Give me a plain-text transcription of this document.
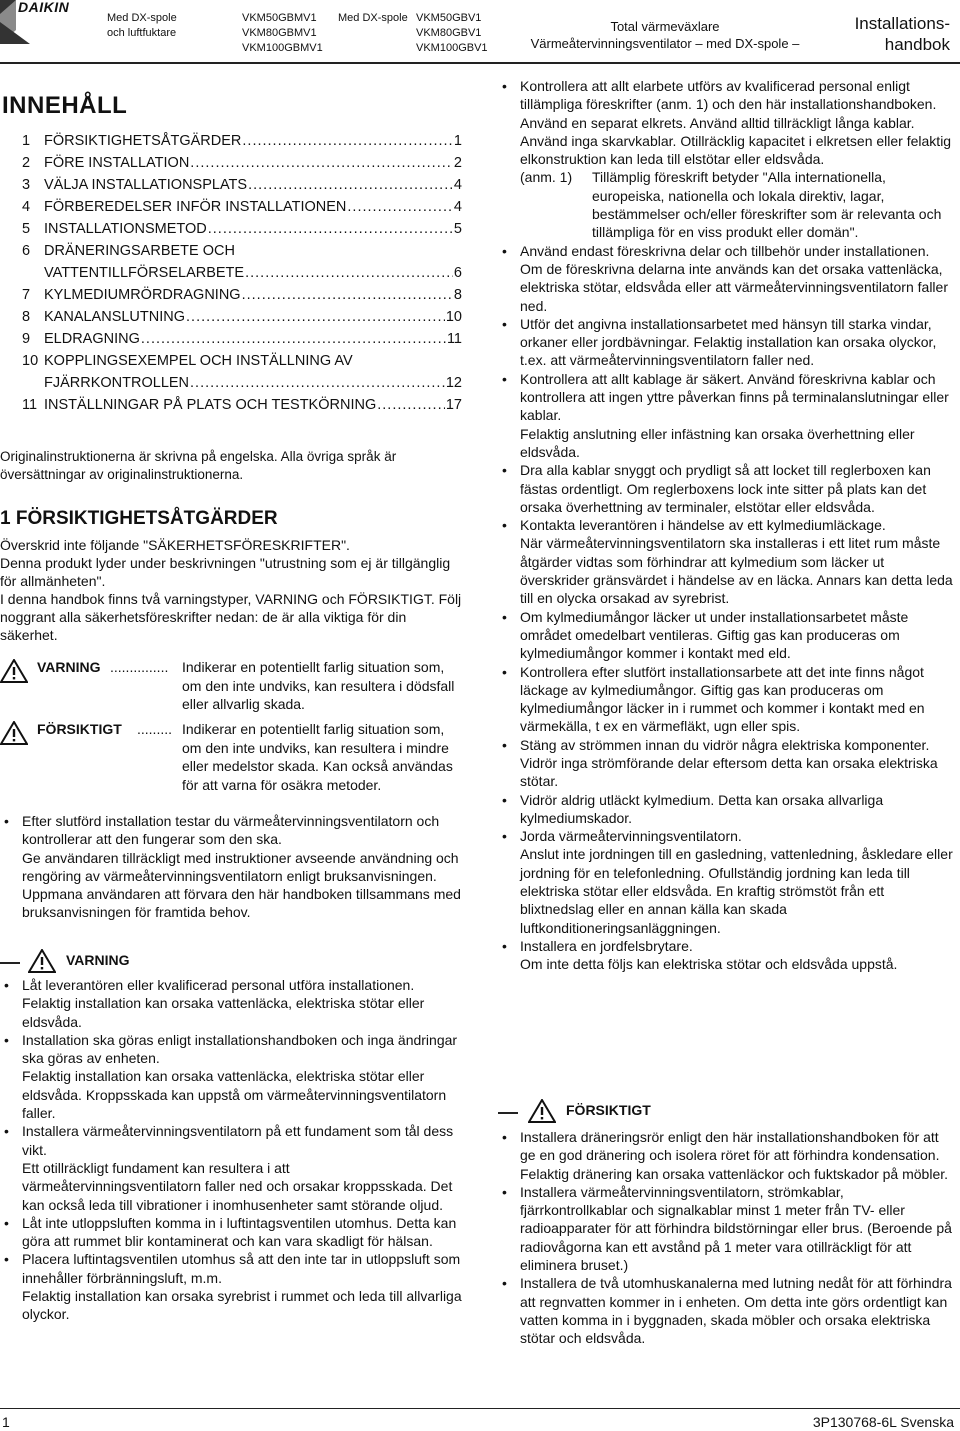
DAIKIN
Med DX-spole
och luftfuktare
VKM50GBMV1
VKM80GBMV1
VKM100GBMV1
Med DX-spole VKM50GBV1
VKM80GBV1
VKM100GBV1
Total värmeväxlare
Värmeåtervinningsventilator – med DX-spole –
Installations-
handbok
INNEHÅLL
1 FÖRSIKTIGHETSÅTGÄRDER .....	1
2 FÖRE INSTALLATION .....	2
3 VÄLJA INSTALLATIONSPLATS .....	4
4 FÖRBEREDELSER INFÖR INSTALLATIONEN .....	4
5 INSTALLATIONSMETOD .....	5
6 DRÄNERINGSARBETE OCH
VATTENTILLFÖRSELARBETE .....	6
7 KYLMEDIUMRÖRDRAGNING .....	8
8 KANALANSLUTNING .....	10
9 ELDRAGNING .....	11
10 KOPPLINGSEXEMPEL OCH INSTÄLLNING AV
FJÄRRKONTROLLEN .....	12
11 INSTÄLLNINGAR PÅ PLATS OCH TESTKÖRNING .....	17
Originalinstruktionerna är skrivna på engelska. Alla övriga språk är översättningar av originalinstruktionerna.
1 FÖRSIKTIGHETSÅTGÄRDER
Överskrid inte följande "SÄKERHETSFÖRESKRIFTER".
Denna produkt lyder under beskrivningen "utrustning som ej är tillgänglig för allmänheten".
I denna handbok finns två varningstyper, VARNING och FÖRSIKTIGT. Följ noggrant alla säkerhetsföreskrifter nedan: de är alla viktiga för din säkerhet.
VARNING ............... Indikerar en potentiellt farlig situation som, om den inte undviks, kan resultera i dödsfall eller allvarlig skada.
FÖRSIKTIGT ......... Indikerar en potentiellt farlig situation som, om den inte undviks, kan resultera i mindre eller medelstor skada. Kan också användas för att varna för osäkra metoder.
• Efter slutförd installation testar du värmeåtervinningsventilatorn och kontrollerar att den fungerar som den ska.
Ge användaren tillräckligt med instruktioner avseende användning och rengöring av värmeåtervinningsventilatorn enligt bruksanvisningen. Uppmana användaren att förvara den här handboken tillsammans med bruksanvisningen för framtida behov.
VARNING
• Låt leverantören eller kvalificerad personal utföra installationen. Felaktig installation kan orsaka vattenläcka, elektriska stötar eller eldsvåda.
• Installation ska göras enligt installationshandboken och inga ändringar ska göras av enheten.
Felaktig installation kan orsaka vattenläcka, elektriska stötar eller eldsvåda. Kroppsskada kan uppstå om värmeåtervinningsventilatorn faller.
• Installera värmeåtervinningsventilatorn på ett fundament som tål dess vikt.
Ett otillräckligt fundament kan resultera i att värmeåtervinningsventilatorn faller ned och orsakar kroppsskada. Det kan också leda till vibrationer i inomhusenheter samt störande oljud.
• Låt inte utloppsluften komma in i luftintagsventilen utomhus. Detta kan göra att rummet blir kontaminerat och kan vara skadligt för hälsan.
• Placera luftintagsventilen utomhus så att den inte tar in utloppsluft som innehåller förbränningsluft, m.m.
Felaktig installation kan orsaka syrebrist i rummet och leda till allvarliga olyckor.
• Kontrollera att allt elarbete utförs av kvalificerad personal enligt tillämpliga föreskrifter (anm. 1) och den här installationshandboken. Använd en separat elkrets. Använd alltid tillräckligt långa kablar. Använd inga skarvkablar. Otillräcklig kapacitet i elkretsen eller felaktig elkonstruktion kan leda till elstötar eller eldsvåda.
(anm. 1) Tillämplig föreskrift betyder "Alla internationella, europeiska, nationella och lokala direktiv, lagar, bestämmelser och/eller föreskrifter som är relevanta och tillämpliga för en viss produkt eller domän".
• Använd endast föreskrivna delar och tillbehör under installationen. Om de föreskrivna delarna inte används kan det orsaka vattenläcka, elektriska stötar, eldsvåda eller att värmeåtervinningsventilatorn faller ned.
• Utför det angivna installationsarbetet med hänsyn till starka vindar, orkaner eller jordbävningar. Felaktig installation kan orsaka olyckor, t.ex. att värmeåtervinningsventilatorn faller ned.
• Kontrollera att allt kablage är säkert. Använd föreskrivna kablar och kontrollera att ingen yttre påverkan finns på terminalanslutningar eller kablar.
Felaktig anslutning eller infästning kan orsaka överhettning eller eldsvåda.
• Dra alla kablar snyggt och prydligt så att locket till reglerboxen kan fästas ordentligt. Om reglerboxens lock inte sitter på plats kan det orsaka överhettning av terminaler, elstötar eller eldsvåda.
• Kontakta leverantören i händelse av ett kylmediumläckage.
När värmeåtervinningsventilatorn ska installeras i ett litet rum måste åtgärder vidtas som förhindrar att kylmedium som läcker ut överskrider gränsvärdet i händelse av en läcka. Annars kan detta leda till en olycka orsakad av syrebrist.
• Om kylmediumångor läcker ut under installationsarbetet måste området omedelbart ventileras. Giftig gas kan produceras om kylmediumångor kommer i kontakt med eld.
• Kontrollera efter slutfört installationsarbete att det inte finns något läckage av kylmediumångor. Giftig gas kan produceras om kylmediumångor läcker in i rummet och kommer i kontakt med en värmekälla, t ex en värmefläkt, ugn eller spis.
• Stäng av strömmen innan du vidrör några elektriska komponenter. Vidrör inga strömförande delar eftersom detta kan orsaka elektriska stötar.
• Vidrör aldrig utläckt kylmedium. Detta kan orsaka allvarliga kylmediumskador.
• Jorda värmeåtervinningsventilatorn.
Anslut inte jordningen till en gasledning, vattenledning, åskledare eller jordning för en telefonledning. Ofullständig jordning kan leda till elektriska stötar eller eldsvåda. En kraftig strömstöt från ett blixtnedslag eller en annan källa kan skada luftkonditioneringsanläggningen.
• Installera en jordfelsbrytare.
Om inte detta följs kan elektriska stötar och eldsvåda uppstå.
FÖRSIKTIGT
• Installera dräneringsrör enligt den här installationshandboken för att ge en god dränering och isolera röret för att förhindra kondensation. Felaktig dränering kan orsaka vattenläckor och fuktskador på möbler.
• Installera värmeåtervinningsventilatorn, strömkablar, fjärrkontrollkablar och signalkablar minst 1 meter från TV- eller radioapparater för att förhindra bildstörningar eller brus. (Beroende på radiovågorna kan ett avstånd på 1 meter vara otillräckligt för att eliminera bruset.)
• Installera de två utomhuskanalerna med lutning nedåt för att förhindra att regnvatten kommer in i enheten. Om detta inte görs ordentligt kan vatten komma in i byggnaden, skada möbler och orsaka elektriska stötar och eldsvåda.
1	3P130768-6L Svenska
